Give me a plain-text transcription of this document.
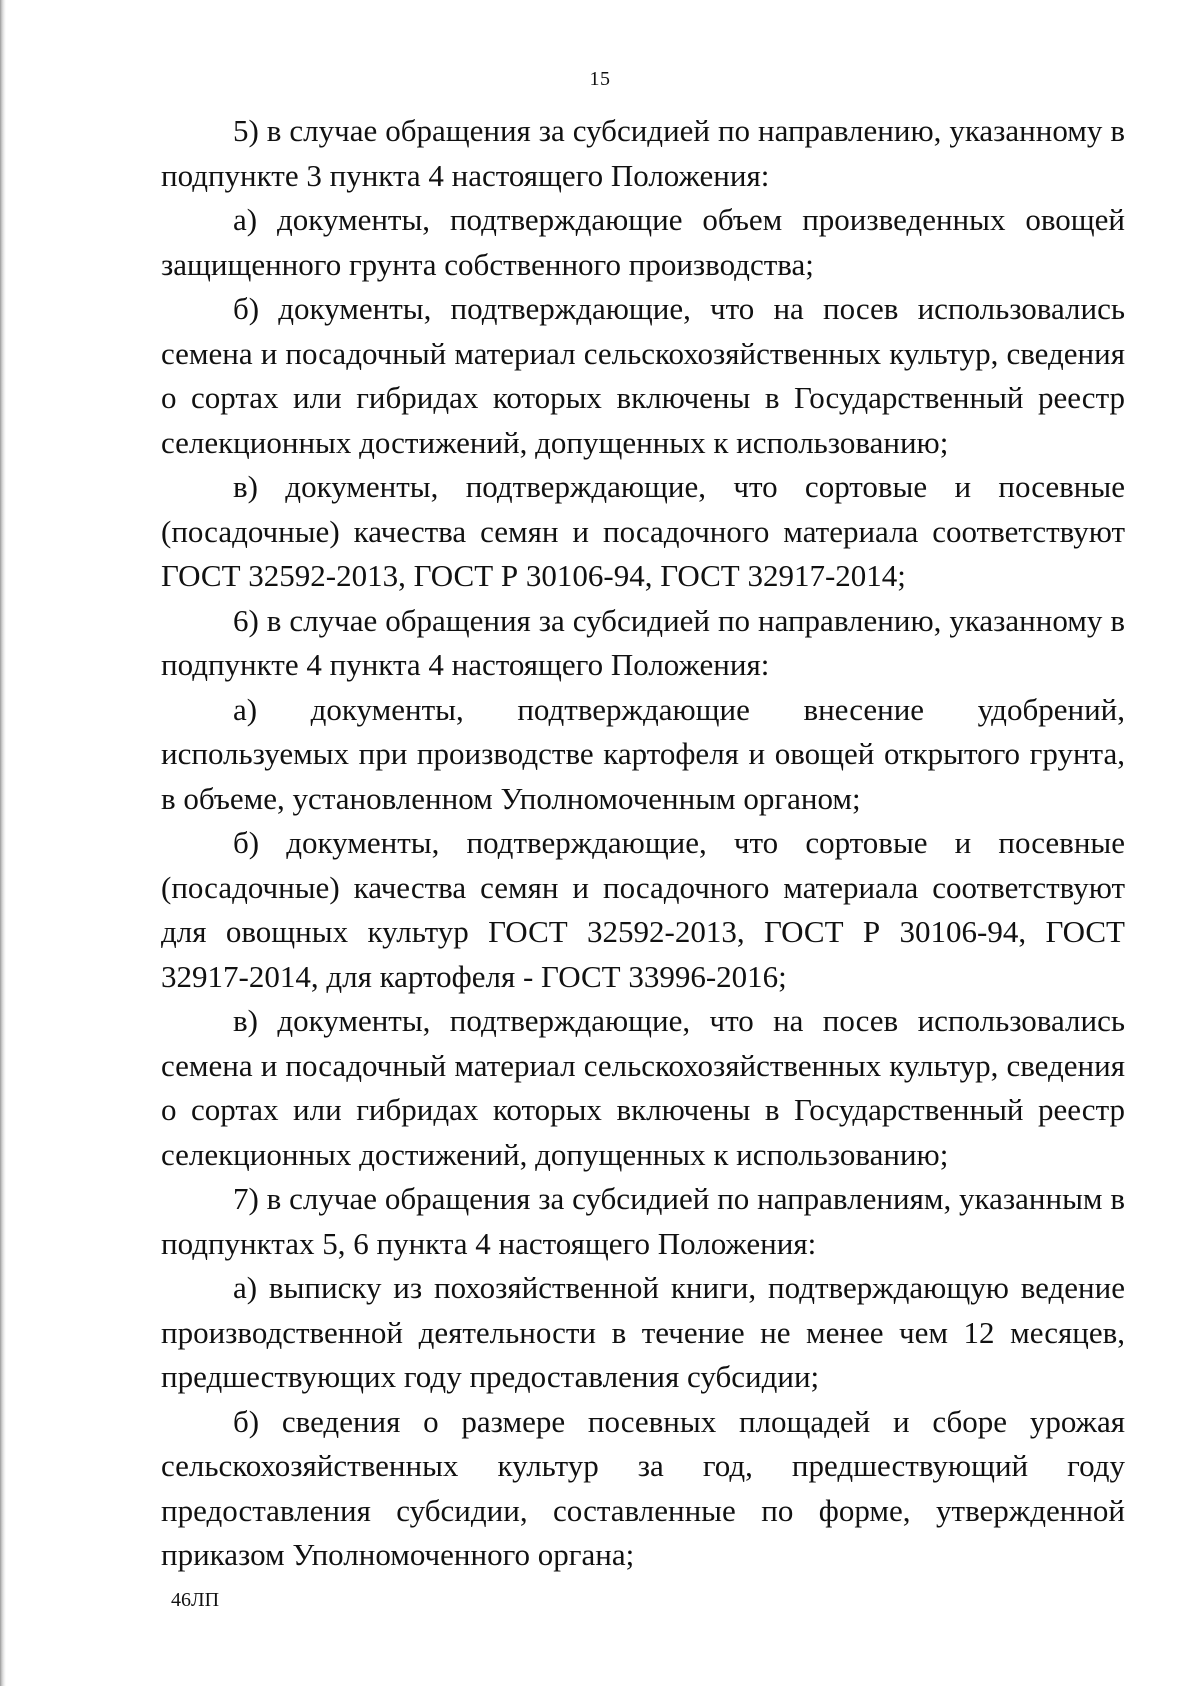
15

5) в случае обращения за субсидией по направлению, указанному в подпункте 3 пункта 4 настоящего Положения:

а) документы, подтверждающие объем произведенных овощей защищенного грунта собственного производства;

б) документы, подтверждающие, что на посев использовались семена и посадочный материал сельскохозяйственных культур, сведения о сортах или гибридах которых включены в Государственный реестр селекционных достижений, допущенных к использованию;

в) документы, подтверждающие, что сортовые и посевные (посадочные) качества семян и посадочного материала соответствуют ГОСТ 32592-2013, ГОСТ Р 30106-94, ГОСТ 32917-2014;

6) в случае обращения за субсидией по направлению, указанному в подпункте 4 пункта 4 настоящего Положения:

а) документы, подтверждающие внесение удобрений, используемых при производстве картофеля и овощей открытого грунта, в объеме, установленном Уполномоченным органом;

б) документы, подтверждающие, что сортовые и посевные (посадочные) качества семян и посадочного материала соответствуют для овощных культур ГОСТ 32592-2013, ГОСТ Р 30106-94, ГОСТ 32917-2014, для картофеля - ГОСТ 33996-2016;

в) документы, подтверждающие, что на посев использовались семена и посадочный материал сельскохозяйственных культур, сведения о сортах или гибридах которых включены в Государственный реестр селекционных достижений, допущенных к использованию;

7) в случае обращения за субсидией по направлениям, указанным в подпунктах 5, 6 пункта 4 настоящего Положения:

а) выписку из похозяйственной книги, подтверждающую ведение производственной деятельности в течение не менее чем 12 месяцев, предшествующих году предоставления субсидии;

б) сведения о размере посевных площадей и сборе урожая сельскохозяйственных культур за год, предшествующий году предоставления субсидии, составленные по форме, утвержденной приказом Уполномоченного органа;

46ЛП
